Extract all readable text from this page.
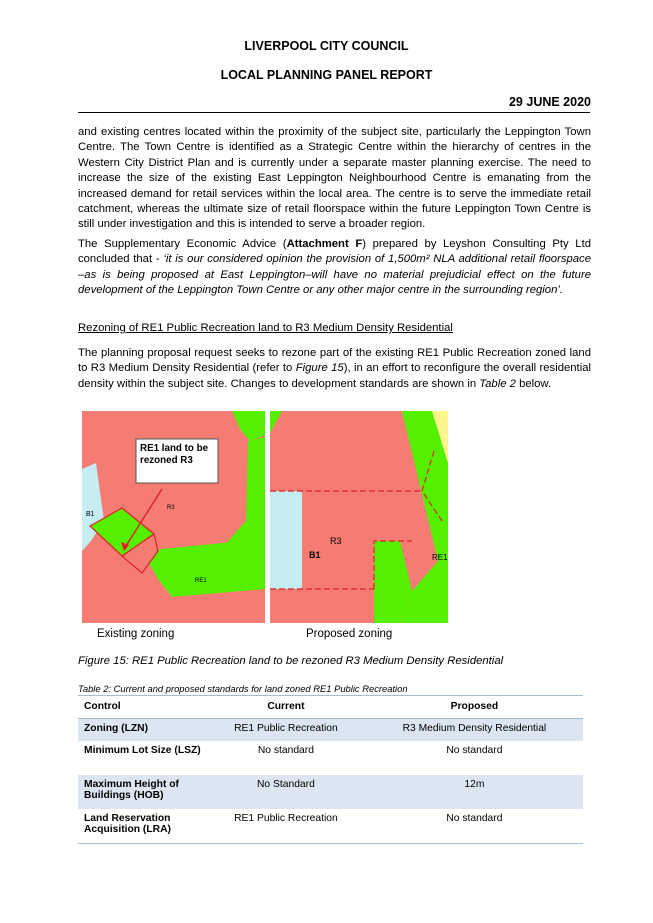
LIVERPOOL CITY COUNCIL
LOCAL PLANNING PANEL REPORT
29 JUNE 2020

and existing centres located within the proximity of the subject site, particularly the Leppington Town Centre. The Town Centre is identified as a Strategic Centre within the hierarchy of centres in the Western City District Plan and is currently under a separate master planning exercise. The need to increase the size of the existing East Leppington Neighbourhood Centre is emanating from the increased demand for retail services within the local area. The centre is to serve the immediate retail catchment, whereas the ultimate size of retail floorspace within the future Leppington Town Centre is still under investigation and this is intended to serve a broader region.

The Supplementary Economic Advice (Attachment F) prepared by Leyshon Consulting Pty Ltd concluded that - ‘it is our considered opinion the provision of 1,500m² NLA additional retail floorspace –as is being proposed at East Leppington–will have no material prejudicial effect on the future development of the Leppington Town Centre or any other major centre in the surrounding region’.

Rezoning of RE1 Public Recreation land to R3 Medium Density Residential

The planning proposal request seeks to rezone part of the existing RE1 Public Recreation zoned land to R3 Medium Density Residential (refer to Figure 15), in an effort to reconfigure the overall residential density within the subject site. Changes to development standards are shown in Table 2 below.

RE1 land to be rezoned R3
B1
R3
RE1
R3
B1	RE1
Existing zoning	Proposed zoning
Figure 15: RE1 Public Recreation land to be rezoned R3 Medium Density Residential
Table 2: Current and proposed standards for land zoned RE1 Public Recreation
Control	Current	Proposed
Zoning (LZN)	RE1 Public Recreation	R3 Medium Density Residential
Minimum Lot Size (LSZ)	No standard	No standard
Maximum Height of Buildings (HOB)	No Standard	12m
Land Reservation Acquisition (LRA)	RE1 Public Recreation	No standard
